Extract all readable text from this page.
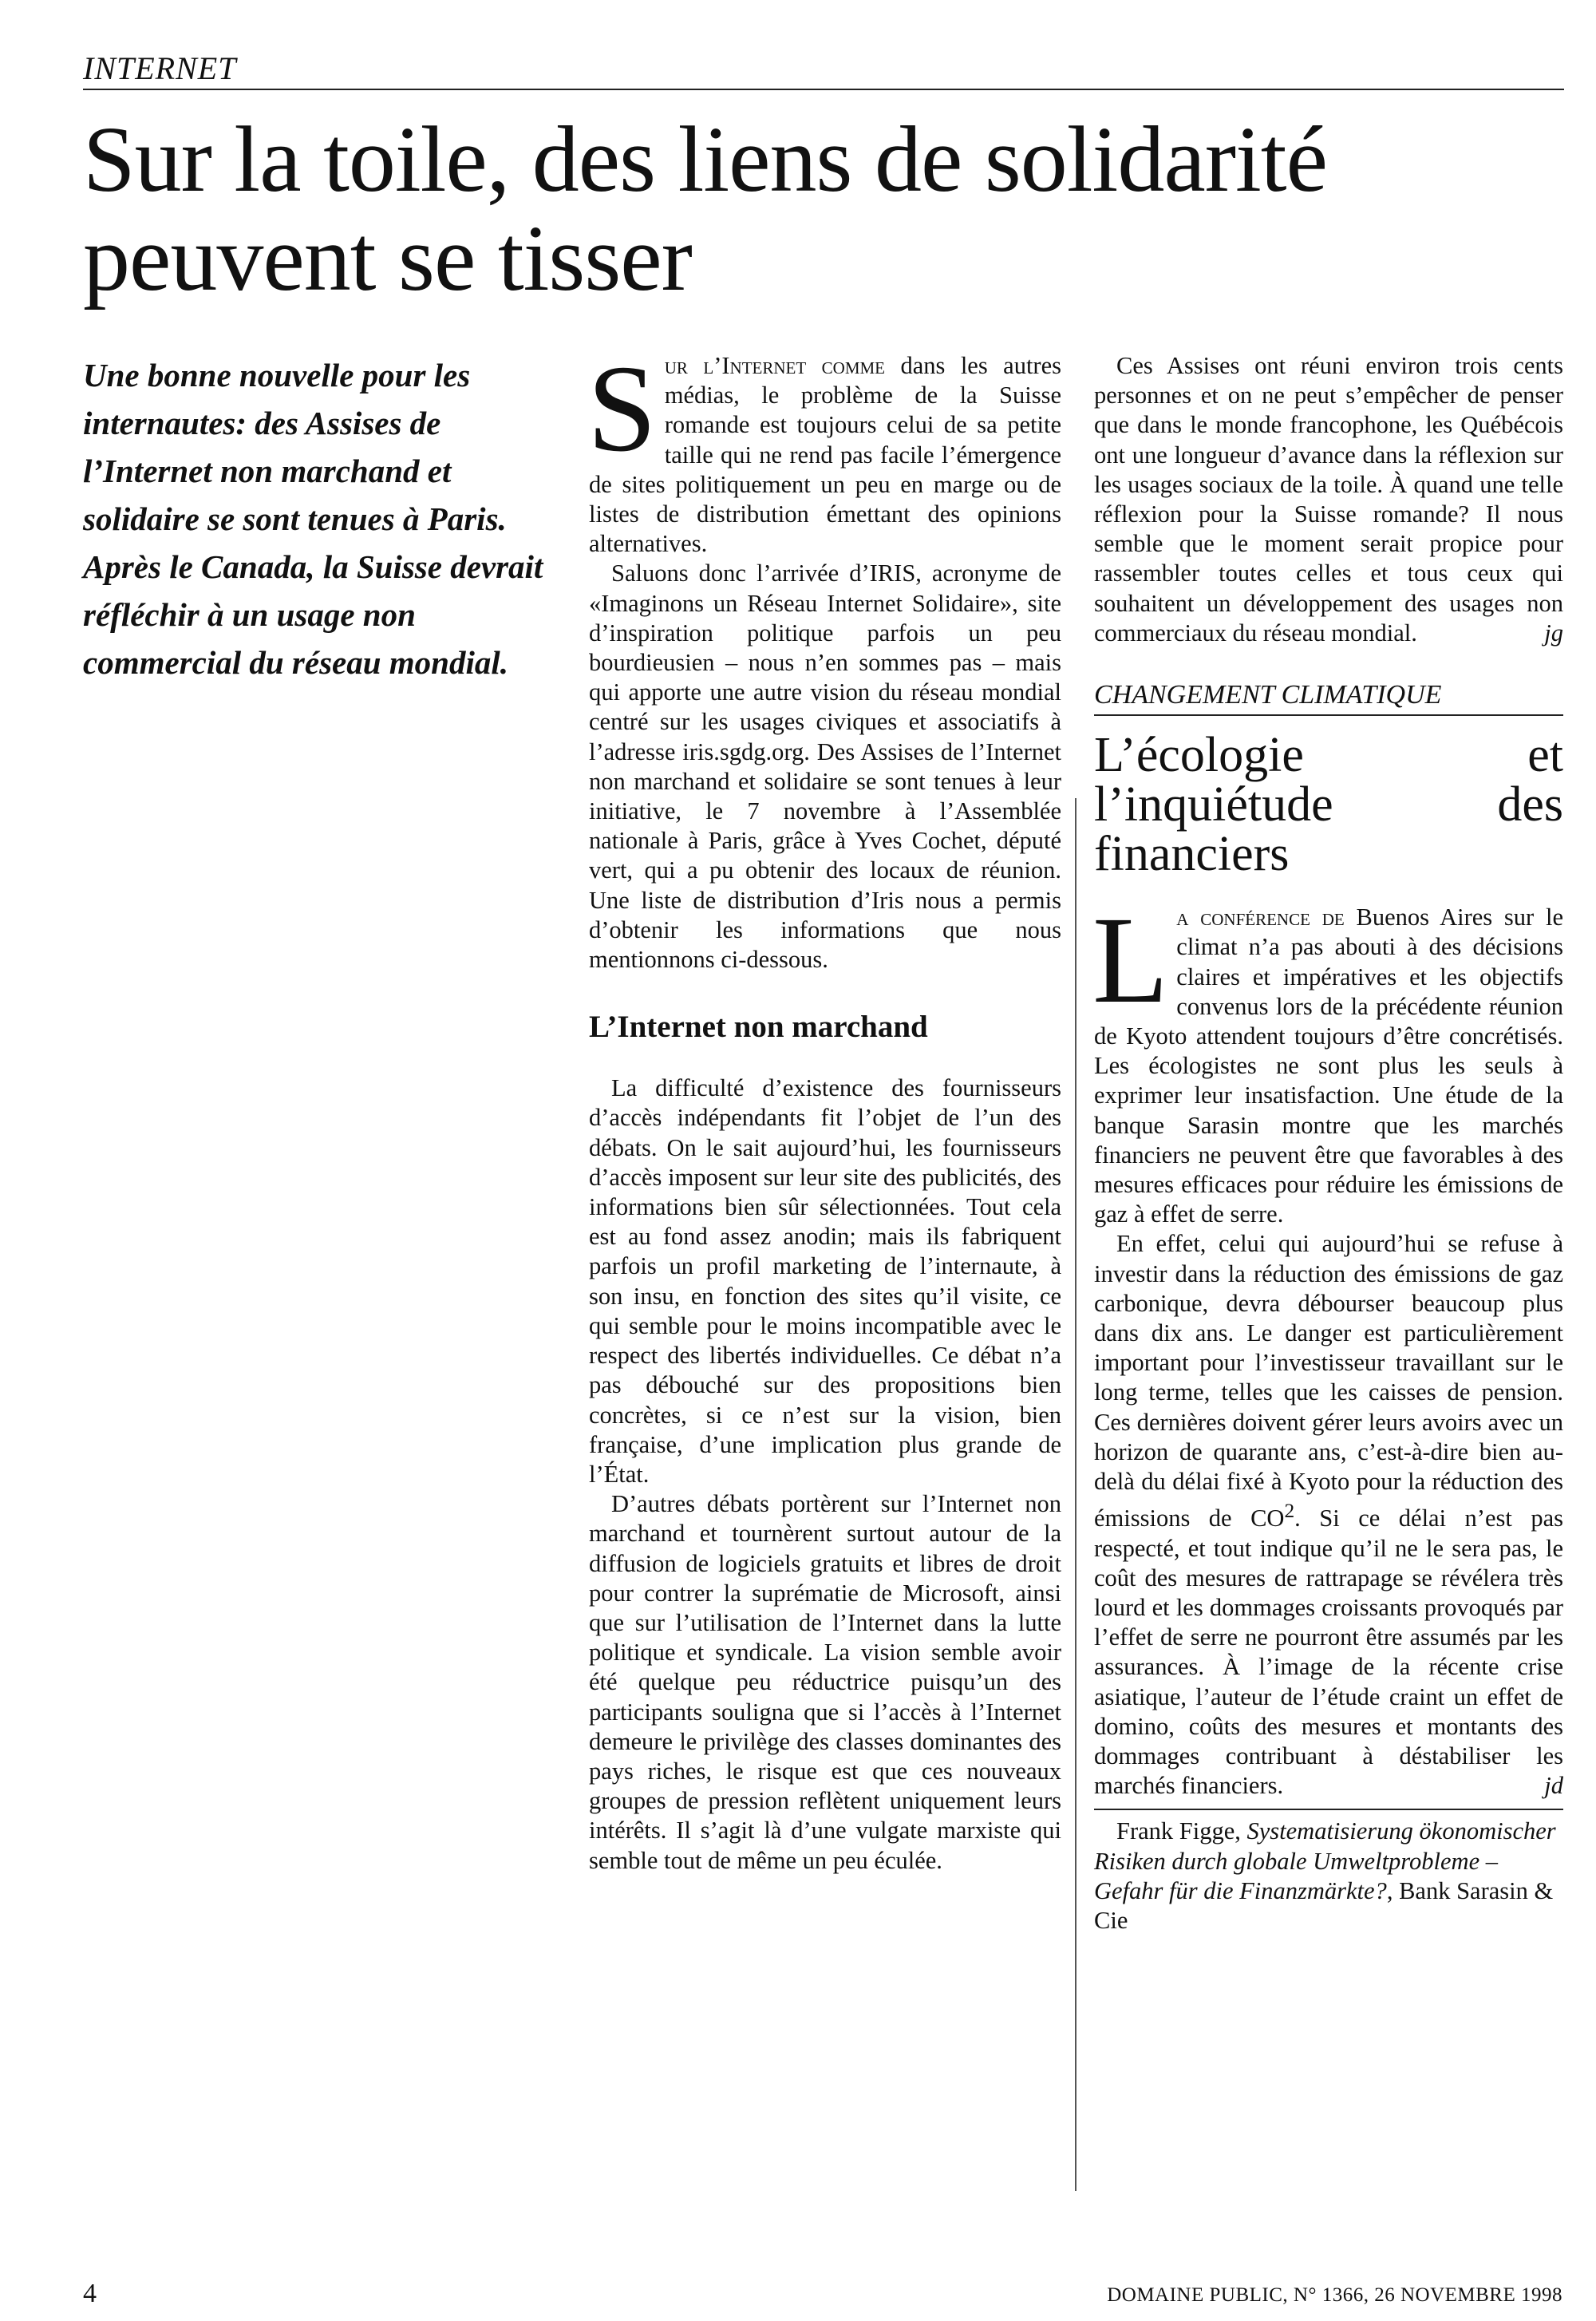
INTERNET
Sur la toile, des liens de solidarité peuvent se tisser

Une bonne nouvelle pour les internautes: des Assises de l’Internet non marchand et solidaire se sont tenues à Paris. Après le Canada, la Suisse devrait réfléchir à un usage non commercial du réseau mondial.

Sur l’Internet comme dans les autres médias, le problème de la Suisse romande est toujours celui de sa petite taille qui ne rend pas facile l’émergence de sites politiquement un peu en marge ou de listes de distribution émettant des opinions alternatives.

Saluons donc l’arrivée d’IRIS, acronyme de «Imaginons un Réseau Internet Solidaire», site d’inspiration politique parfois un peu bourdieusien – nous n’en sommes pas – mais qui apporte une autre vision du réseau mondial centré sur les usages civiques et associatifs à l’adresse iris.sgdg.org. Des Assises de l’Internet non marchand et solidaire se sont tenues à leur initiative, le 7 novembre à l’Assemblée nationale à Paris, grâce à Yves Cochet, député vert, qui a pu obtenir des locaux de réunion. Une liste de distribution d’Iris nous a permis d’obtenir les informations que nous mentionnons ci-dessous.

L’Internet non marchand

La difficulté d’existence des fournisseurs d’accès indépendants fit l’objet de l’un des débats. On le sait aujourd’hui, les fournisseurs d’accès imposent sur leur site des publicités, des informations bien sûr sélectionnées. Tout cela est au fond assez anodin; mais ils fabriquent parfois un profil marketing de l’internaute, à son insu, en fonction des sites qu’il visite, ce qui semble pour le moins incompatible avec le respect des libertés individuelles. Ce débat n’a pas débouché sur des propositions bien concrètes, si ce n’est sur la vision, bien française, d’une implication plus grande de l’État.

D’autres débats portèrent sur l’Internet non marchand et tournèrent surtout autour de la diffusion de logiciels gratuits et libres de droit pour contrer la suprématie de Microsoft, ainsi que sur l’utilisation de l’Internet dans la lutte politique et syndicale. La vision semble avoir été quelque peu réductrice puisqu’un des participants souligna que si l’accès à l’Internet demeure le privilège des classes dominantes des pays riches, le risque est que ces nouveaux groupes de pression reflètent uniquement leurs intérêts. Il s’agit là d’une vulgate marxiste qui semble tout de même un peu éculée.

Ces Assises ont réuni environ trois cents personnes et on ne peut s’empêcher de penser que dans le monde francophone, les Québécois ont une longueur d’avance dans la réflexion sur les usages sociaux de la toile. À quand une telle réflexion pour la Suisse romande? Il nous semble que le moment serait propice pour rassembler toutes celles et tous ceux qui souhaitent un développement des usages non commerciaux du réseau mondial.	jg

CHANGEMENT CLIMATIQUE
L’écologie et l’inquiétude des financiers

La conférence de Buenos Aires sur le climat n’a pas abouti à des décisions claires et impératives et les objectifs convenus lors de la précédente réunion de Kyoto attendent toujours d’être concrétisés. Les écologistes ne sont plus les seuls à exprimer leur insatisfaction. Une étude de la banque Sarasin montre que les marchés financiers ne peuvent être que favorables à des mesures efficaces pour réduire les émissions de gaz à effet de serre.

En effet, celui qui aujourd’hui se refuse à investir dans la réduction des émissions de gaz carbonique, devra débourser beaucoup plus dans dix ans. Le danger est particulièrement important pour l’investisseur travaillant sur le long terme, telles que les caisses de pension. Ces dernières doivent gérer leurs avoirs avec un horizon de quarante ans, c’est-à-dire bien au-delà du délai fixé à Kyoto pour la réduction des émissions de $CO^2$. Si ce délai n’est pas respecté, et tout indique qu’il ne le sera pas, le coût des mesures de rattrapage se révélera très lourd et les dommages croissants provoqués par l’effet de serre ne pourront être assumés par les assurances. À l’image de la récente crise asiatique, l’auteur de l’étude craint un effet de domino, coûts des mesures et montants des dommages contribuant à déstabiliser les marchés financiers.	jd

Frank Figge, Systematisierung ökonomischer Risiken durch globale Umweltprobleme – Gefahr für die Finanzmärkte?, Bank Sarasin & Cie

4	DOMAINE PUBLIC, N° 1366, 26 NOVEMBRE 1998
